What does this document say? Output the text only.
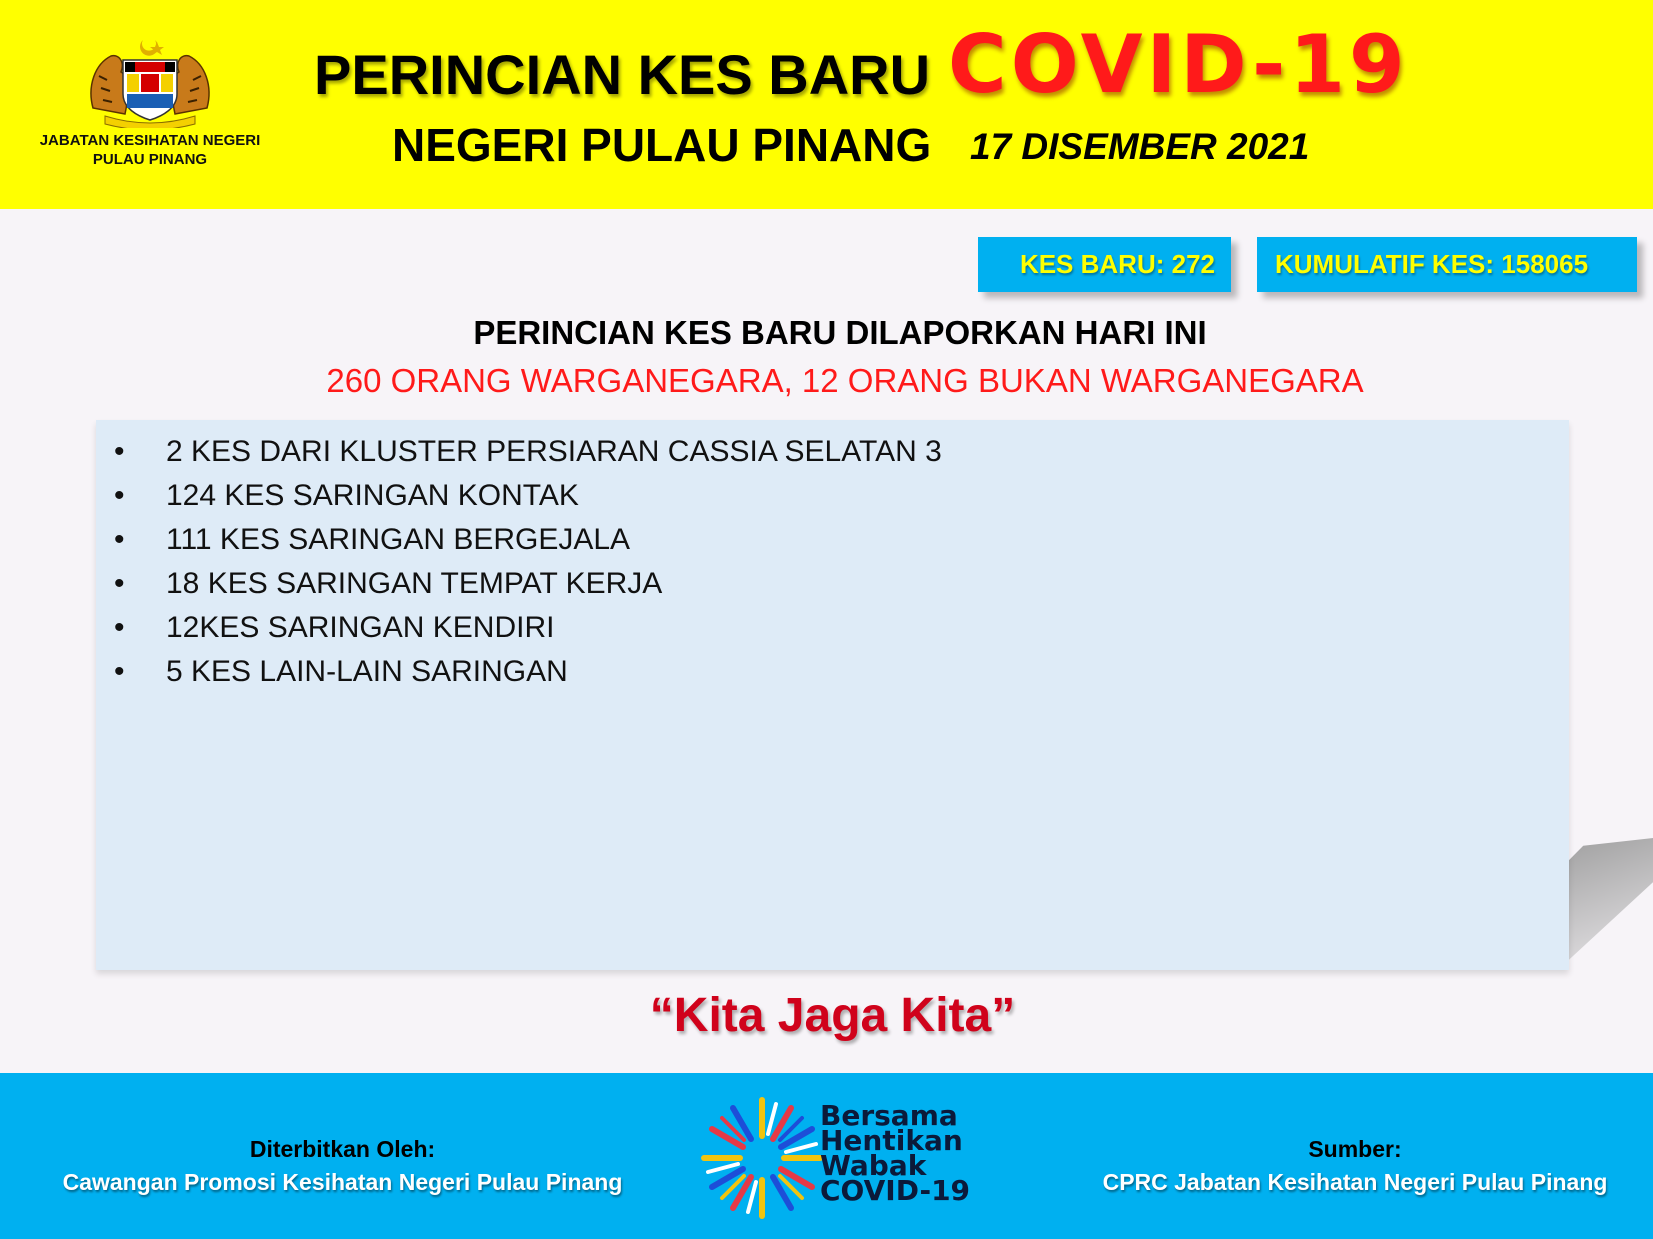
JABATAN KESIHATAN NEGERI
PULAU PINANG
PERINCIAN KES BARU COVID-19
NEGERI PULAU PINANG 17 DISEMBER 2021
KES BARU: 272	KUMULATIF KES: 158065
PERINCIAN KES BARU DILAPORKAN HARI INI
260 ORANG WARGANEGARA, 12 ORANG BUKAN WARGANEGARA
• 2 KES DARI KLUSTER PERSIARAN CASSIA SELATAN 3
• 124 KES SARINGAN KONTAK
• 111 KES SARINGAN BERGEJALA
• 18 KES SARINGAN TEMPAT KERJA
• 12KES SARINGAN KENDIRI
• 5 KES LAIN-LAIN SARINGAN
“Kita Jaga Kita”
Diterbitkan Oleh:
Cawangan Promosi Kesihatan Negeri Pulau Pinang
Bersama
Hentikan
Wabak
COVID-19
Sumber:
CPRC Jabatan Kesihatan Negeri Pulau Pinang
